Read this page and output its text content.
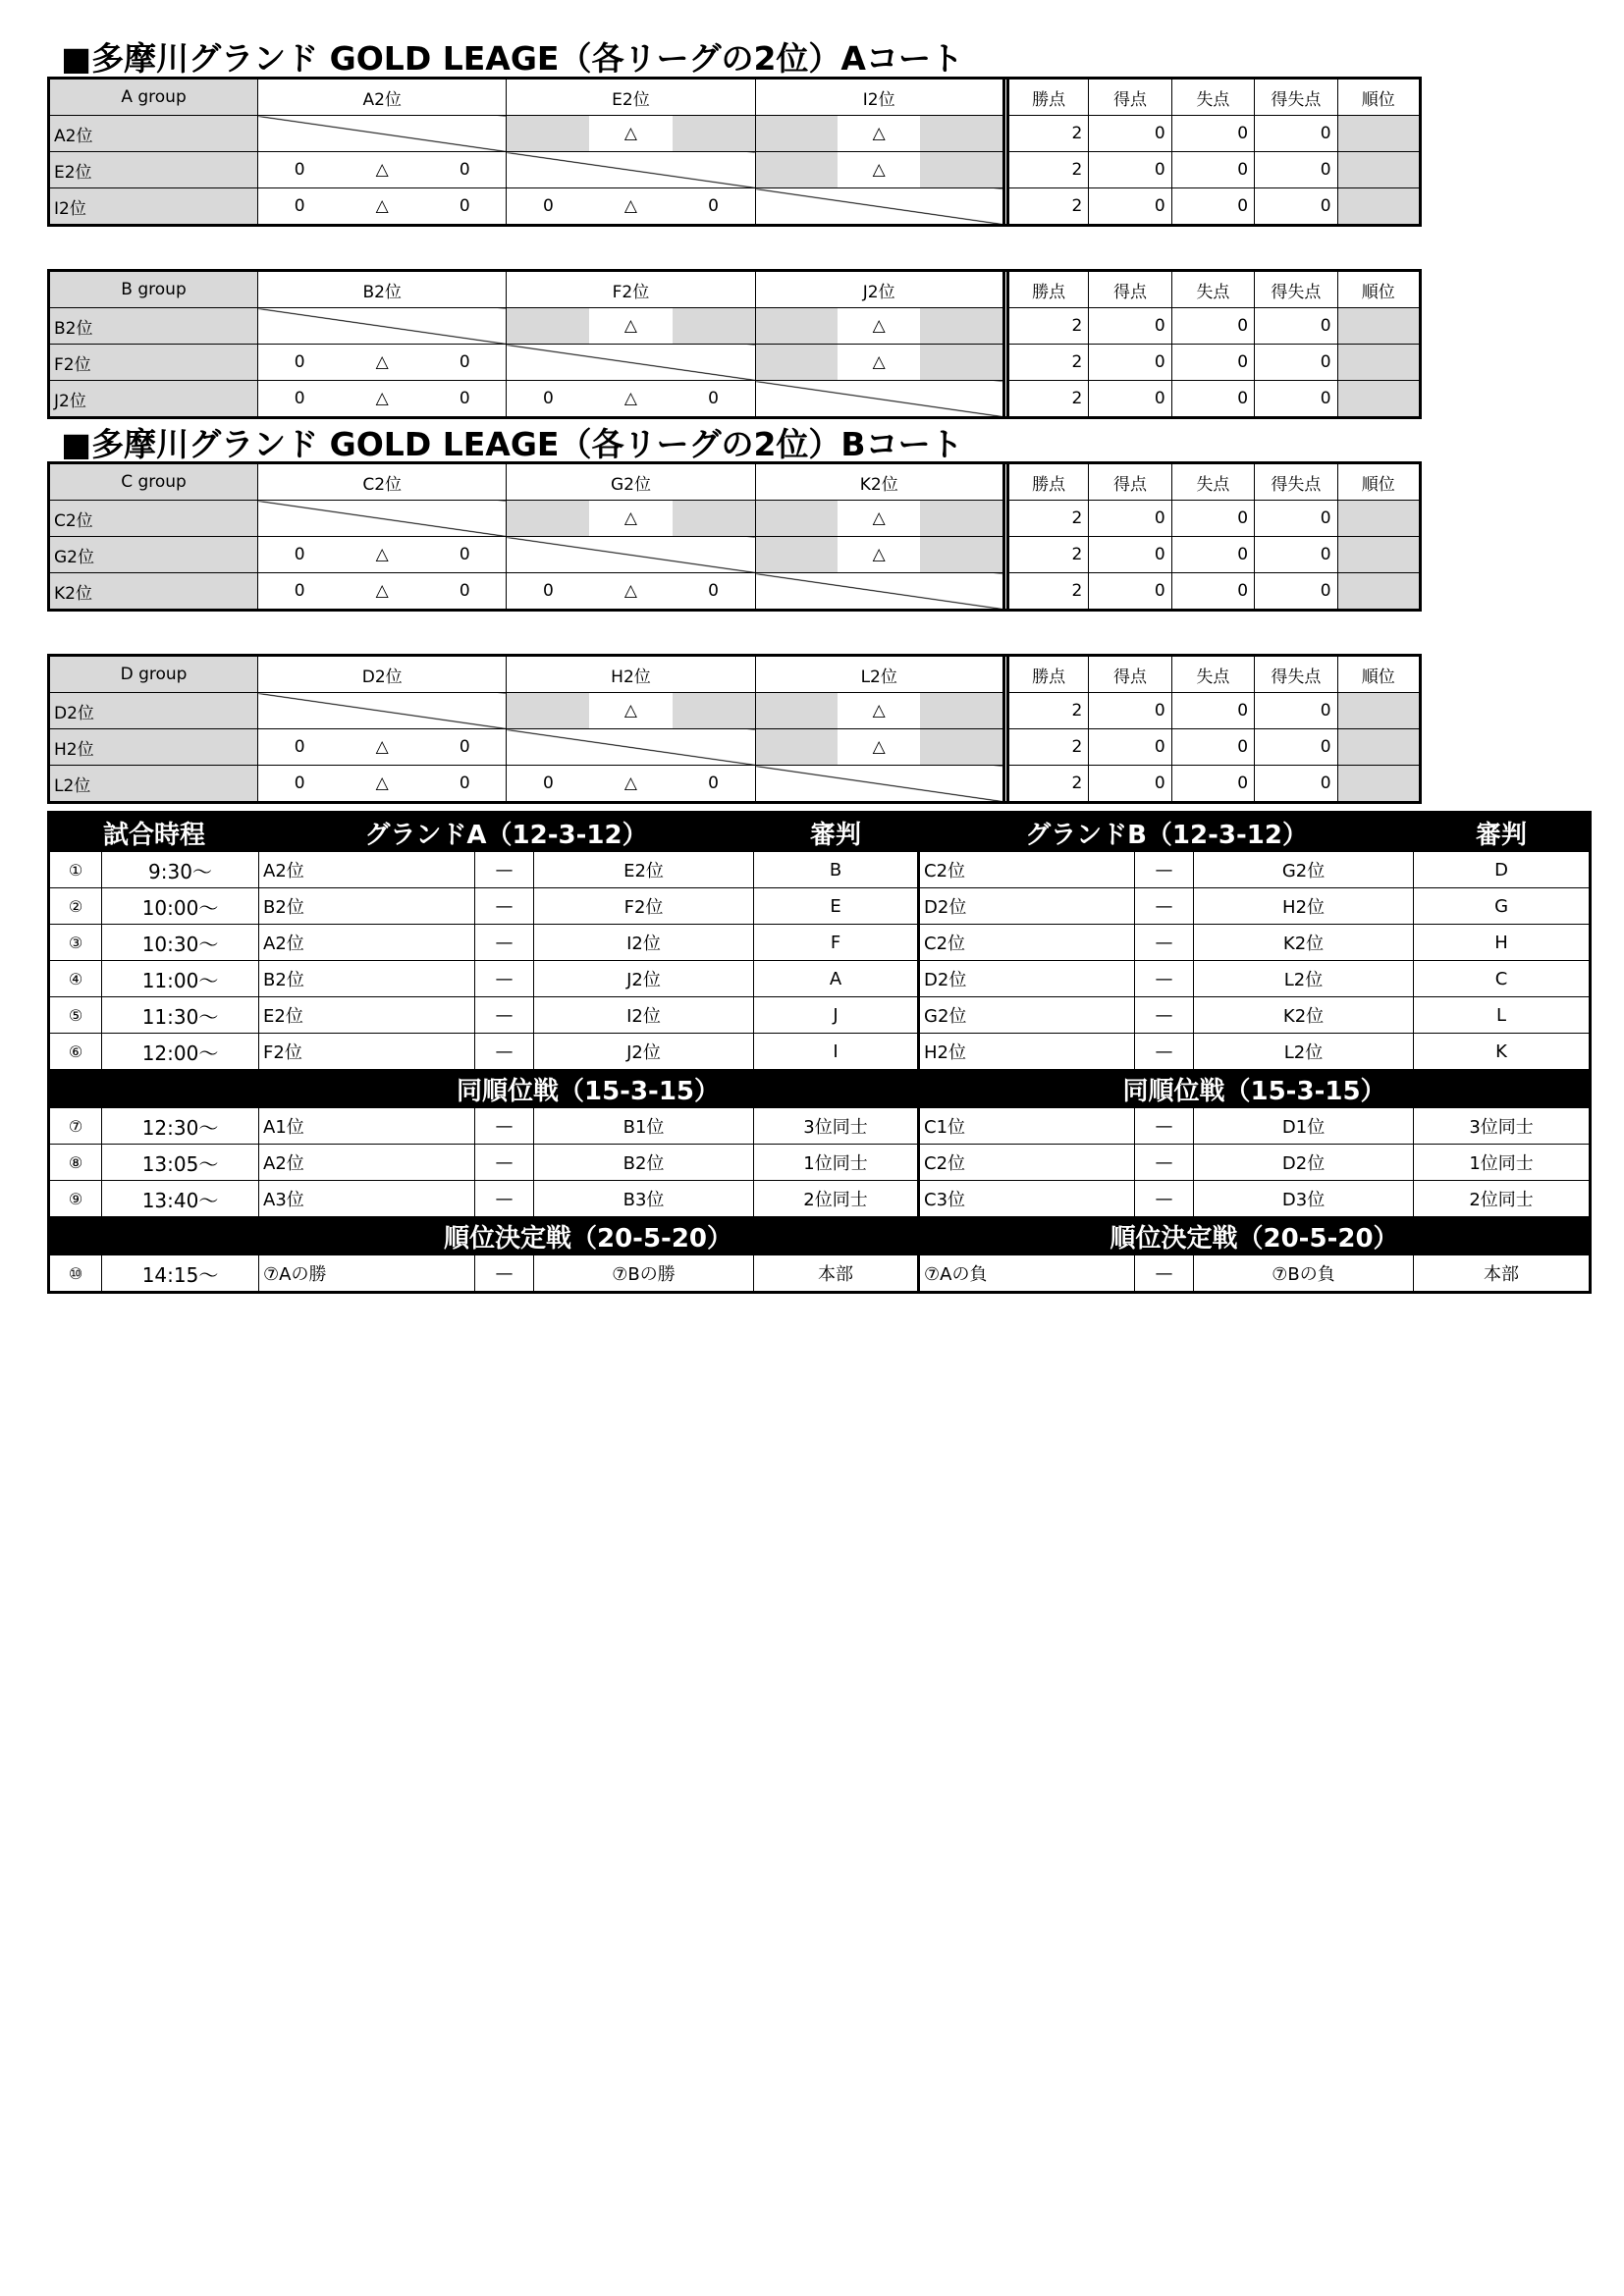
■多摩川グランド GOLD LEAGE（各リーグの2位）Aコート
■多摩川グランド GOLD LEAGE（各リーグの2位）Bコート
A group	A2位	E2位	I2位		勝点	得点	失点	得失点	順位
A2位		△	△		2	0	0	0	
E2位	0 △ 0		△		2	0	0	0	
I2位	0 △ 0	0 △ 0			2	0	0	0	
B group	B2位	F2位	J2位		勝点	得点	失点	得失点	順位
B2位		△	△		2	0	0	0	
F2位	0 △ 0		△		2	0	0	0	
J2位	0 △ 0	0 △ 0			2	0	0	0	
C group	C2位	G2位	K2位		勝点	得点	失点	得失点	順位
C2位		△	△		2	0	0	0	
G2位	0 △ 0		△		2	0	0	0	
K2位	0 △ 0	0 △ 0			2	0	0	0	
D group	D2位	H2位	L2位		勝点	得点	失点	得失点	順位
D2位		△	△		2	0	0	0	
H2位	0 △ 0		△		2	0	0	0	
L2位	0 △ 0	0 △ 0			2	0	0	0	
試合時程		グランドA（12-3-12）			審判	グランドB（12-3-12）			審判
①	9:30～	A2位	—	E2位	B	C2位	—	G2位	D
②	10:00～	B2位	—	F2位	E	D2位	—	H2位	G
③	10:30～	A2位	—	I2位	F	C2位	—	K2位	H
④	11:00～	B2位	—	J2位	A	D2位	—	L2位	C
⑤	11:30～	E2位	—	I2位	J	G2位	—	K2位	L
⑥	12:00～	F2位	—	J2位	I	H2位	—	L2位	K
		同順位戦（15-3-15）				同順位戦（15-3-15）			
⑦	12:30～	A1位	—	B1位	3位同士	C1位	—	D1位	3位同士
⑧	13:05～	A2位	—	B2位	1位同士	C2位	—	D2位	1位同士
⑨	13:40～	A3位	—	B3位	2位同士	C3位	—	D3位	2位同士
		順位決定戦（20-5-20）				順位決定戦（20-5-20）			
⑩	14:15～	⑦Aの勝	—	⑦Bの勝	本部	⑦Aの負	—	⑦Bの負	本部
